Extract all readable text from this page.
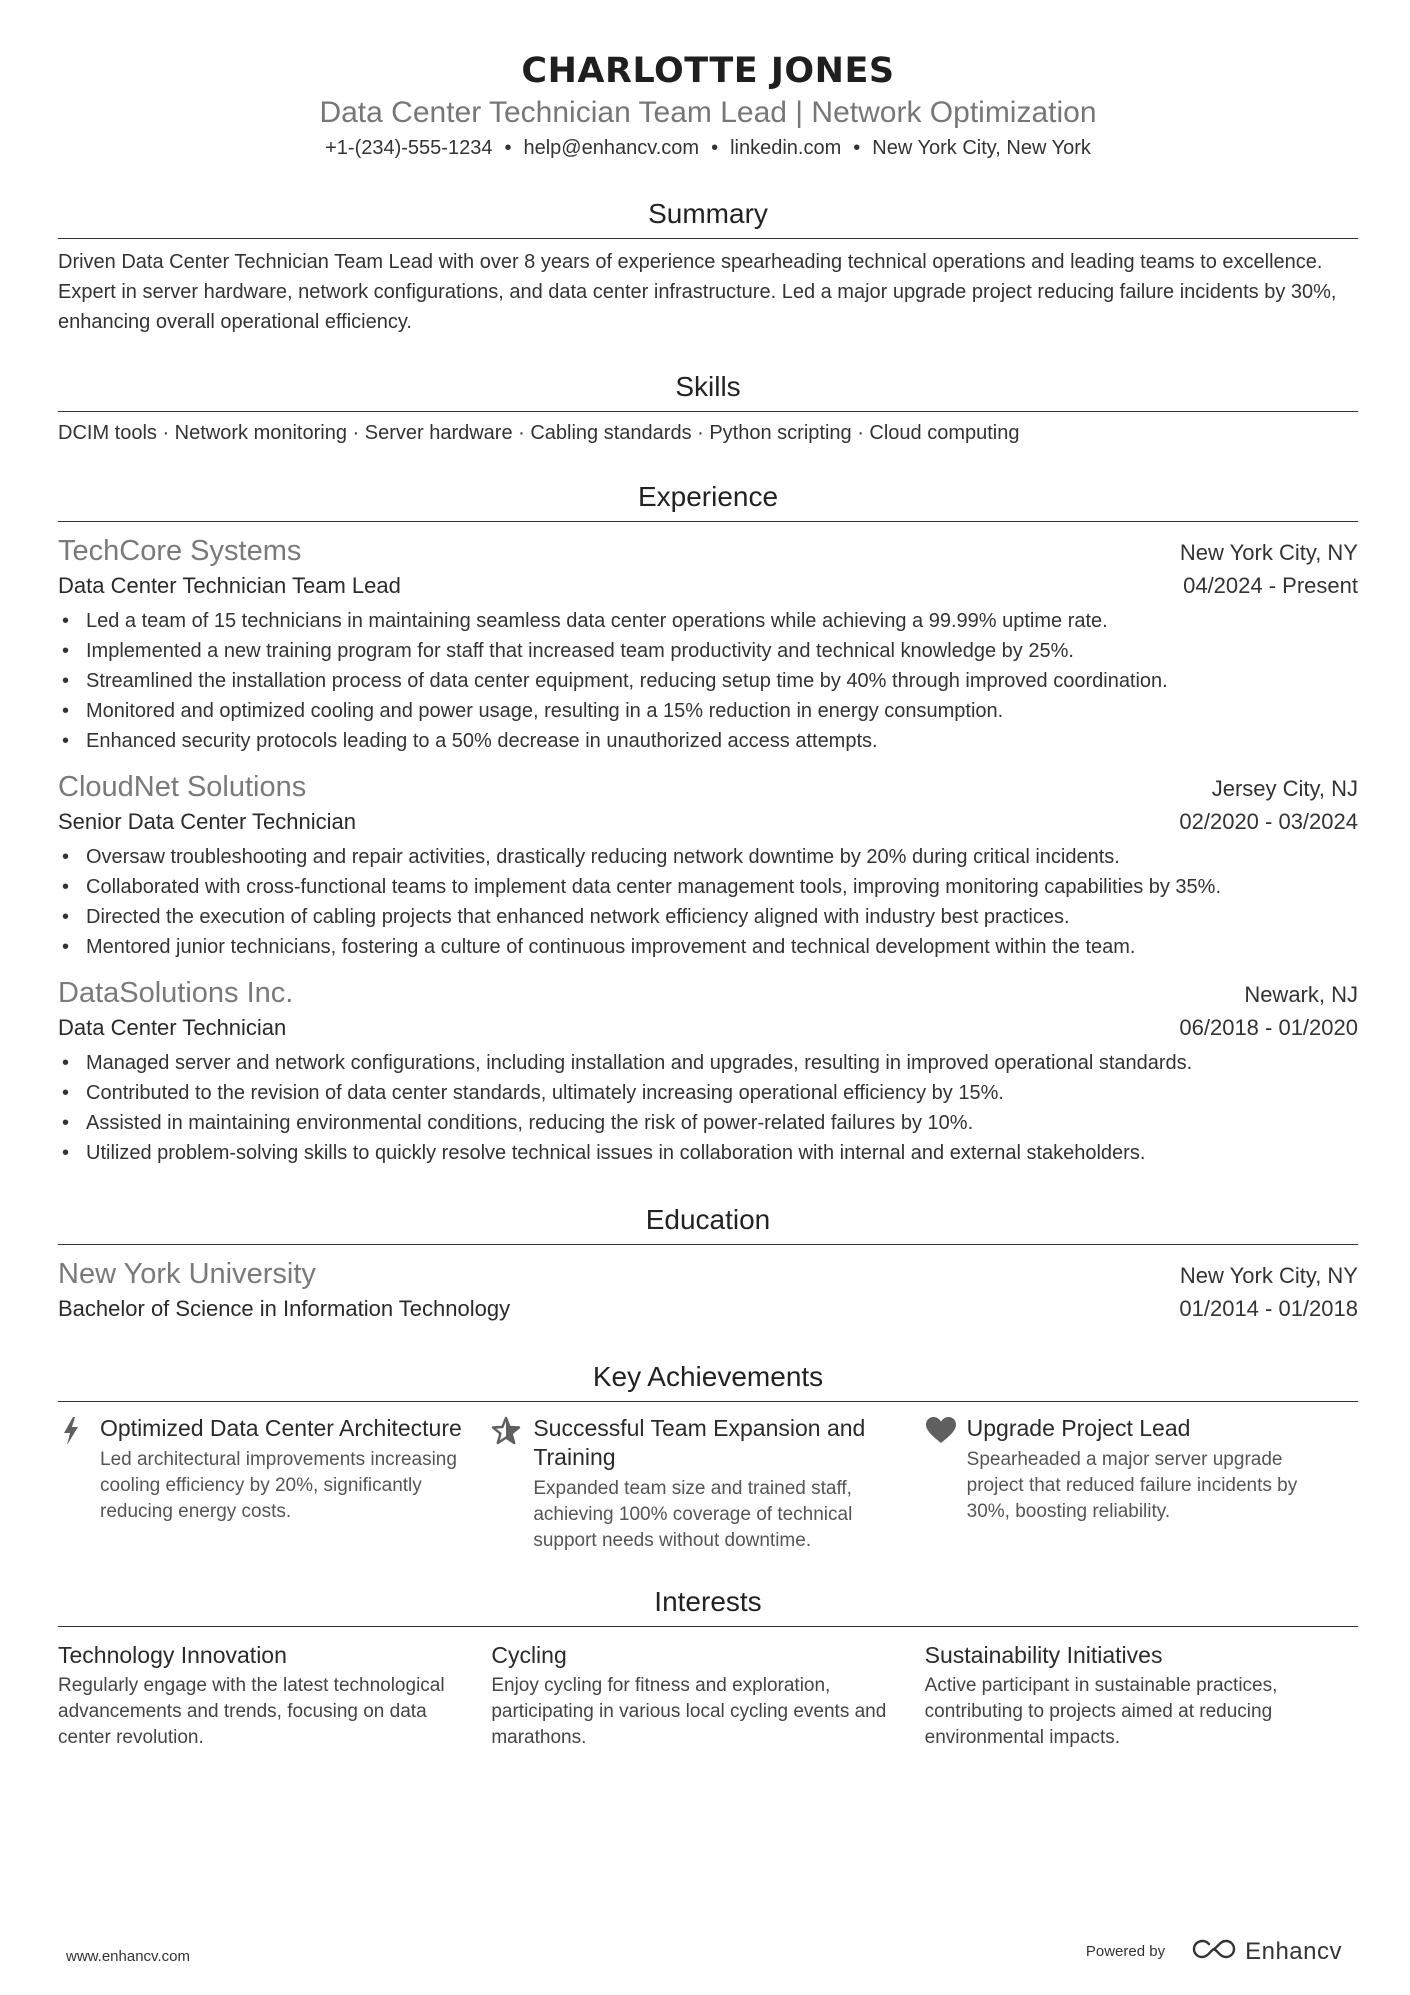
CHARLOTTE JONES
Data Center Technician Team Lead | Network Optimization
+1-(234)-555-1234 • help@enhancv.com • linkedin.com • New York City, New York
Summary

Driven Data Center Technician Team Lead with over 8 years of experience spearheading technical operations and leading teams to excellence. Expert in server hardware, network configurations, and data center infrastructure. Led a major upgrade project reducing failure incidents by 30%, enhancing overall operational efficiency.

Skills

DCIM tools · Network monitoring · Server hardware · Cabling standards · Python scripting · Cloud computing

Experience
TechCore Systems	New York City, NY
Data Center Technician Team Lead	04/2024 - Present
• Led a team of 15 technicians in maintaining seamless data center operations while achieving a 99.99% uptime rate.
• Implemented a new training program for staff that increased team productivity and technical knowledge by 25%.
• Streamlined the installation process of data center equipment, reducing setup time by 40% through improved coordination.
• Monitored and optimized cooling and power usage, resulting in a 15% reduction in energy consumption.
• Enhanced security protocols leading to a 50% decrease in unauthorized access attempts.
CloudNet Solutions	Jersey City, NJ
Senior Data Center Technician	02/2020 - 03/2024
• Oversaw troubleshooting and repair activities, drastically reducing network downtime by 20% during critical incidents.
• Collaborated with cross-functional teams to implement data center management tools, improving monitoring capabilities by 35%.
• Directed the execution of cabling projects that enhanced network efficiency aligned with industry best practices.
• Mentored junior technicians, fostering a culture of continuous improvement and technical development within the team.
DataSolutions Inc.	Newark, NJ
Data Center Technician	06/2018 - 01/2020
• Managed server and network configurations, including installation and upgrades, resulting in improved operational standards.
• Contributed to the revision of data center standards, ultimately increasing operational efficiency by 15%.
• Assisted in maintaining environmental conditions, reducing the risk of power-related failures by 10%.
• Utilized problem-solving skills to quickly resolve technical issues in collaboration with internal and external stakeholders.
Education
New York University	New York City, NY
Bachelor of Science in Information Technology	01/2014 - 01/2018
Key Achievements
Optimized Data Center Architecture
Led architectural improvements increasing cooling efficiency by 20%, significantly reducing energy costs.
Successful Team Expansion and Training
Expanded team size and trained staff, achieving 100% coverage of technical support needs without downtime.
Upgrade Project Lead
Spearheaded a major server upgrade project that reduced failure incidents by 30%, boosting reliability.
Interests
Technology Innovation
Regularly engage with the latest technological advancements and trends, focusing on data center revolution.
Cycling
Enjoy cycling for fitness and exploration, participating in various local cycling events and marathons.
Sustainability Initiatives
Active participant in sustainable practices, contributing to projects aimed at reducing environmental impacts.
www.enhancv.com	Powered by	Enhancv
